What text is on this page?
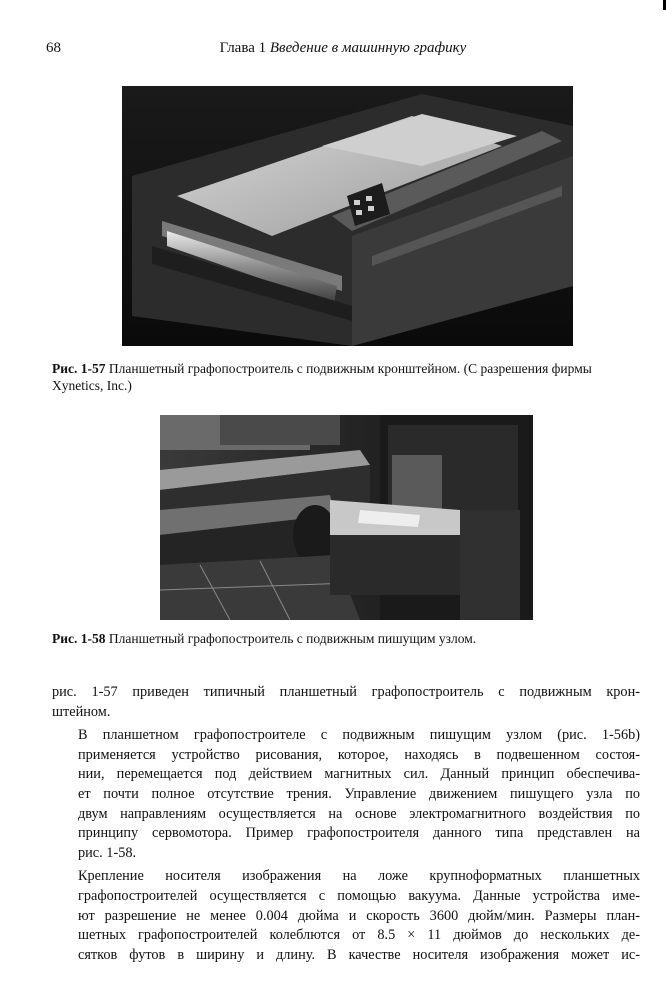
68	Глава 1 Введение в машинную графику
Рис. 1-57 Планшетный графопостроитель с подвижным кронштейном. (С разрешения фирмы Xynetics, Inc.)
Рис. 1-58 Планшетный графопостроитель с подвижным пишущим узлом.

рис. 1-57 приведен типичный планшетный графопостроитель с подвижным крон-
штейном.

В планшетном графопостроителе с подвижным пишущим узлом (рис. 1-56b)
применяется устройство рисования, которое, находясь в подвешенном состоя-
нии, перемещается под действием магнитных сил. Данный принцип обеспечива-
ет почти полное отсутствие трения. Управление движением пишущего узла по
двум направлениям осуществляется на основе электромагнитного воздействия по
принципу сервомотора. Пример графопостроителя данного типа представлен на
рис. 1-58.

Крепление носителя изображения на ложе крупноформатных планшетных
графопостроителей осуществляется с помощью вакуума. Данные устройства име-
ют разрешение не менее 0.004 дюйма и скорость 3600 дюйм/мин. Размеры план-
шетных графопостроителей колеблются от 8.5 × 11 дюймов до нескольких де-
сятков футов в ширину и длину. В качестве носителя изображения может ис-
